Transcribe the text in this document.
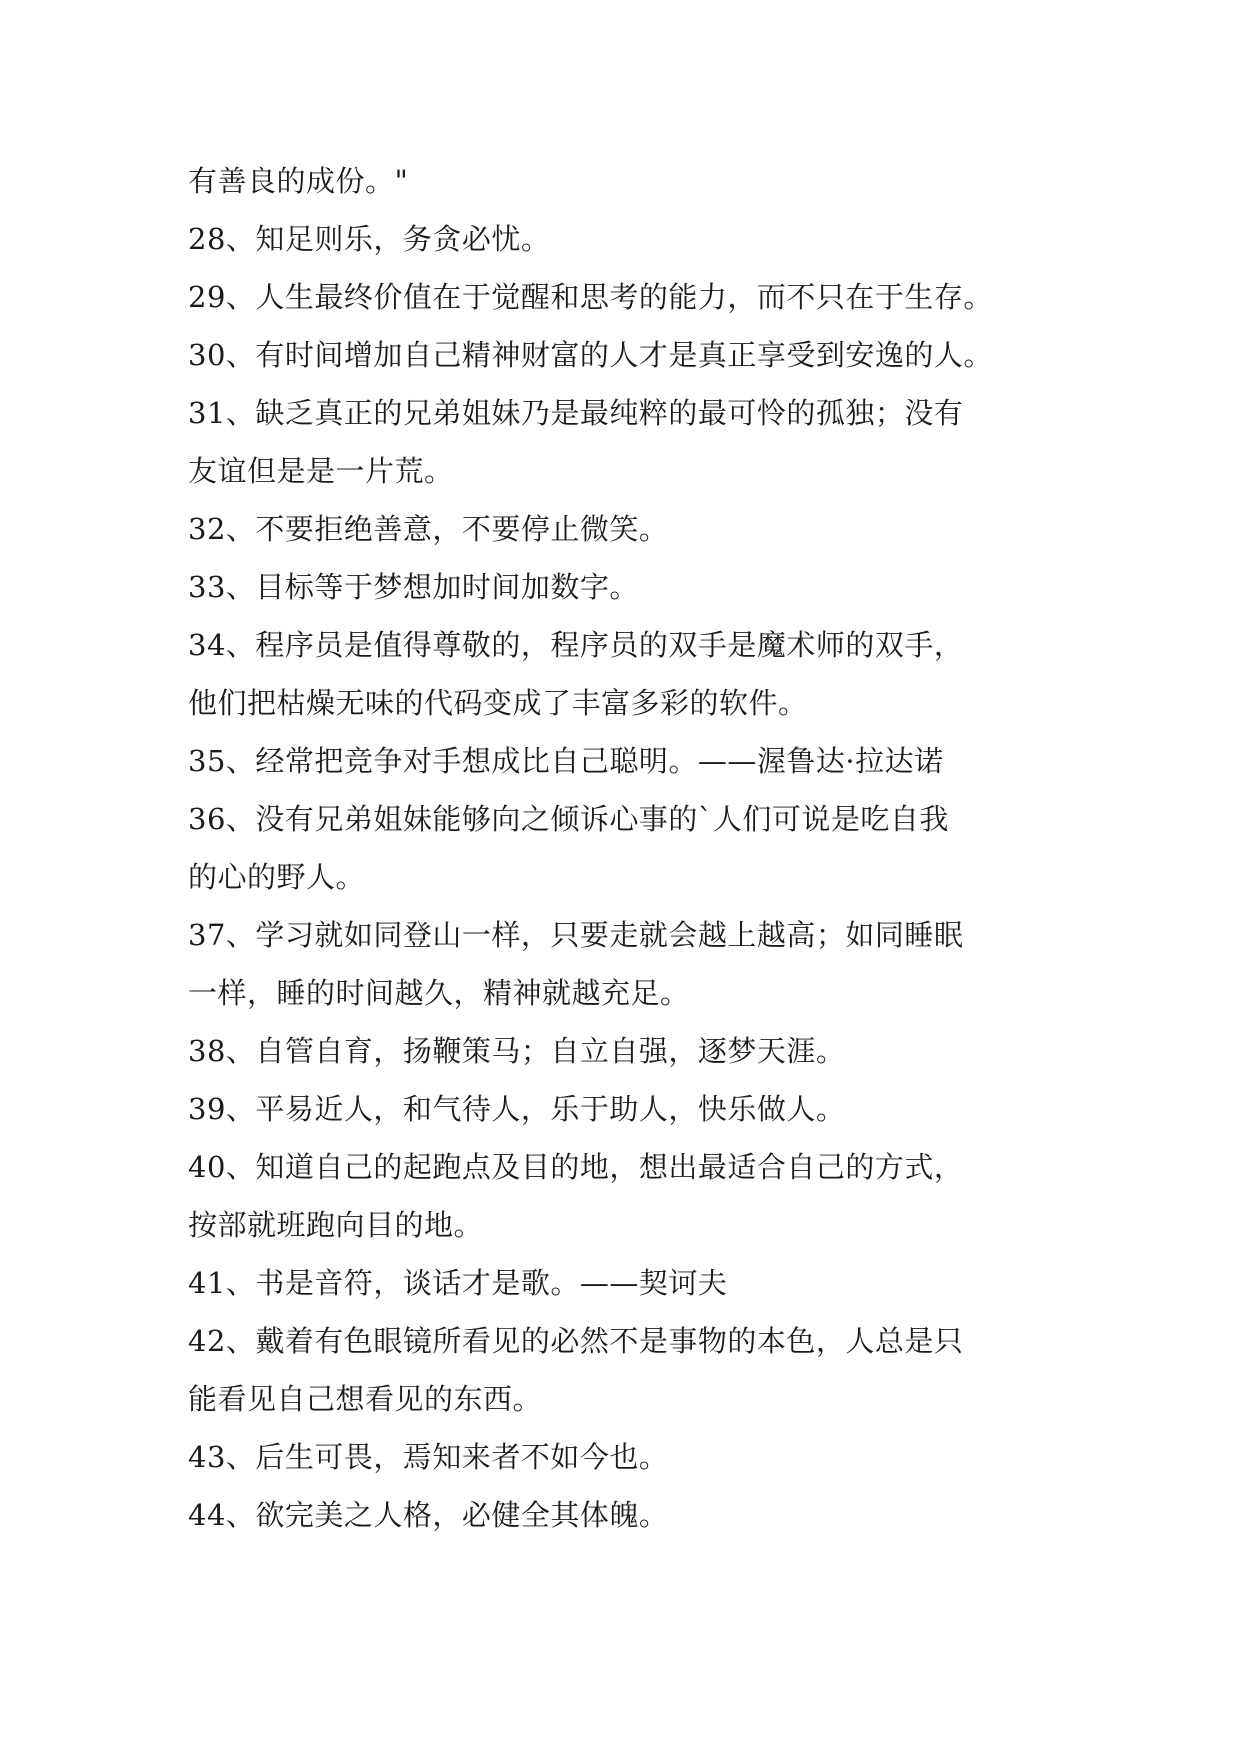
有善良的成份。"
28、知足则乐，务贪必忧。
29、人生最终价值在于觉醒和思考的能力，而不只在于生存。
30、有时间增加自己精神财富的人才是真正享受到安逸的人。
31、缺乏真正的兄弟姐妹乃是最纯粹的最可怜的孤独；没有
友谊但是是一片荒。
32、不要拒绝善意，不要停止微笑。
33、目标等于梦想加时间加数字。
34、程序员是值得尊敬的，程序员的双手是魔术师的双手，
他们把枯燥无味的代码变成了丰富多彩的软件。
35、经常把竞争对手想成比自己聪明。——渥鲁达·拉达诺
36、没有兄弟姐妹能够向之倾诉心事的`人们可说是吃自我
的心的野人。
37、学习就如同登山一样，只要走就会越上越高；如同睡眠
一样，睡的时间越久，精神就越充足。
38、自管自育，扬鞭策马；自立自强，逐梦天涯。
39、平易近人，和气待人，乐于助人，快乐做人。
40、知道自己的起跑点及目的地，想出最适合自己的方式，
按部就班跑向目的地。
41、书是音符，谈话才是歌。——契诃夫
42、戴着有色眼镜所看见的必然不是事物的本色，人总是只
能看见自己想看见的东西。
43、后生可畏，焉知来者不如今也。
44、欲完美之人格，必健全其体魄。
